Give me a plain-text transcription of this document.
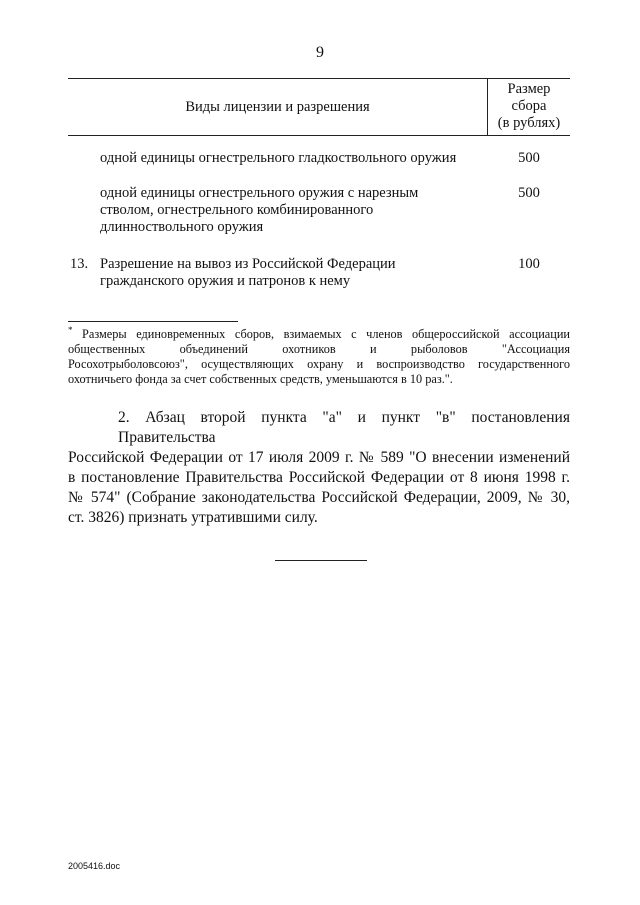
9
Виды лицензии и разрешения
Размер
сбора
(в рублях)
одной единицы огнестрельного гладкоствольного оружия	500
одной единицы огнестрельного оружия с нарезным
стволом, огнестрельного комбинированного
длинноствольного оружия
500
13. Разрешение на вывоз из Российской Федерации
гражданского оружия и патронов к нему
100
* Размеры единовременных сборов, взимаемых с членов общероссийской ассоциации
общественных объединений охотников и рыболовов "Ассоциация
Росохотрыболовсоюз", осуществляющих охрану и воспроизводство государственного
охотничьего фонда за счет собственных средств, уменьшаются в 10 раз.".
2. Абзац второй пункта "а" и пункт "в" постановления Правительства
Российской Федерации от 17 июля 2009 г. № 589 "О внесении изменений
в постановление Правительства Российской Федерации от 8 июня 1998 г.
№ 574" (Собрание законодательства Российской Федерации, 2009, № 30,
ст. 3826) признать утратившими силу.
2005416.doc
